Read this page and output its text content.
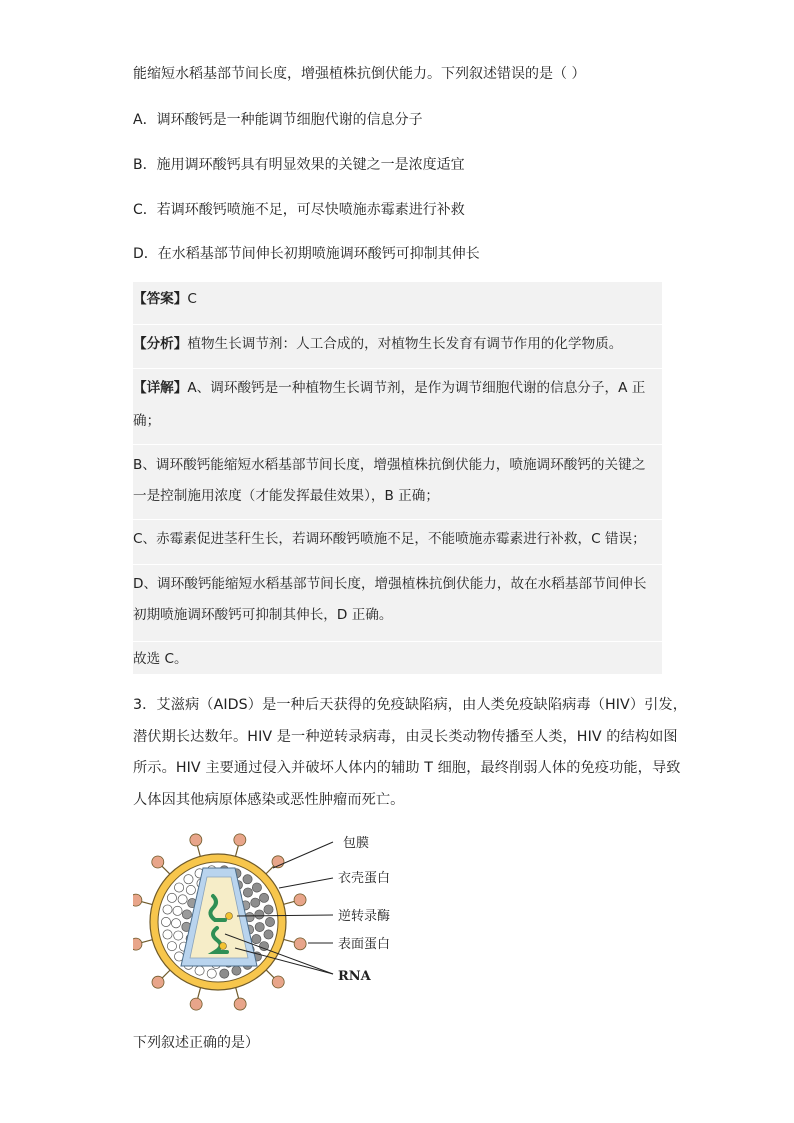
能缩短水稻基部节间长度，增强植株抗倒伏能力。下列叙述错误的是（ ）
A．调环酸钙是一种能调节细胞代谢的信息分子
B．施用调环酸钙具有明显效果的关键之一是浓度适宜
C．若调环酸钙喷施不足，可尽快喷施赤霉素进行补救
D．在水稻基部节间伸长初期喷施调环酸钙可抑制其伸长
【答案】C
【分析】植物生长调节剂：人工合成的，对植物生长发育有调节作用的化学物质。
【详解】A、调环酸钙是一种植物生长调节剂，是作为调节细胞代谢的信息分子，A 正
确；
B、调环酸钙能缩短水稻基部节间长度，增强植株抗倒伏能力，喷施调环酸钙的关键之
一是控制施用浓度（才能发挥最佳效果），B 正确；
C、赤霉素促进茎秆生长，若调环酸钙喷施不足，不能喷施赤霉素进行补救，C 错误；
D、调环酸钙能缩短水稻基部节间长度，增强植株抗倒伏能力，故在水稻基部节间伸长
初期喷施调环酸钙可抑制其伸长，D 正确。
故选 C。
3．艾滋病（AIDS）是一种后天获得的免疫缺陷病，由人类免疫缺陷病毒（HIV）引发，
潜伏期长达数年。HIV 是一种逆转录病毒，由灵长类动物传播至人类，HIV 的结构如图
所示。HIV 主要通过侵入并破坏人体内的辅助 T 细胞，最终削弱人体的免疫功能，导致
人体因其他病原体感染或恶性肿瘤而死亡。
包膜
衣壳蛋白
逆转录酶
表面蛋白
RNA
下列叙述正确的是）
